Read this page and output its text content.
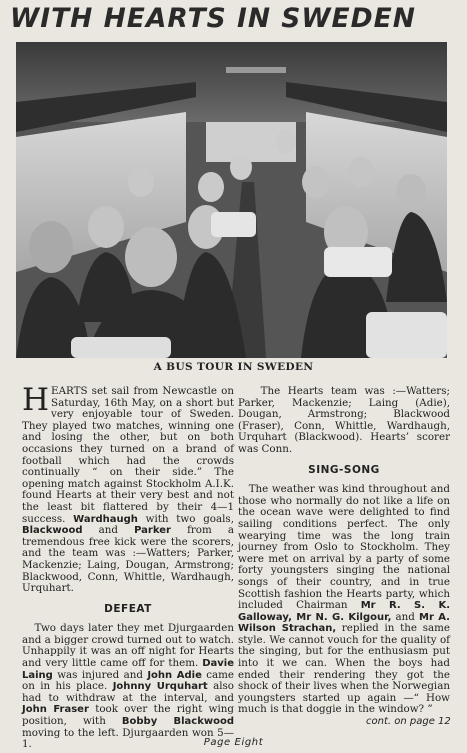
WITH HEARTS IN SWEDEN
A BUS TOUR IN SWEDEN

HEARTS set sail from Newcastle on Saturday, 16th May, on a short but very enjoyable tour of Sweden. They played two matches, winning one and losing the other, but on both occasions they turned on a brand of football which had the crowds continually “ on their side.” The opening match against Stockholm A.I.K. found Hearts at their very best and not the least bit flattered by their 4—1 success. Wardhaugh with two goals, Blackwood and Parker from a tremendous free kick were the scorers, and the team was :—Watters; Parker, Mackenzie; Laing, Dougan, Armstrong; Blackwood, Conn, Whittle, Wardhaugh, Urquhart.

DEFEAT

Two days later they met Djurgaarden and a bigger crowd turned out to watch. Unhappily it was an off night for Hearts and very little came off for them. Davie Laing was injured and John Adie came on in his place. Johnny Urquhart also had to withdraw at the interval, and John Fraser took over the right wing position, with Bobby Blackwood moving to the left. Djurgaarden won 5—1.

The Hearts team was :—Watters; Parker, Mackenzie; Laing (Adie), Dougan, Armstrong; Blackwood (Fraser), Conn, Whittle, Wardhaugh, Urquhart (Blackwood). Hearts’ scorer was Conn.

SING-SONG

The weather was kind throughout and those who normally do not like a life on the ocean wave were delighted to find sailing conditions perfect. The only wearying time was the long train journey from Oslo to Stockholm. They were met on arrival by a party of some forty youngsters singing the national songs of their country, and in true Scottish fashion the Hearts party, which included Chairman Mr R. S. K. Galloway, Mr N. G. Kilgour, and Mr A. Wilson Strachan, replied in the same style. We cannot vouch for the quality of the singing, but for the enthusiasm put into it we can. When the boys had ended their rendering they got the shock of their lives when the Norwegian youngsters started up again —“ How much is that doggie in the window? ”

cont. on page 12
Page Eight
